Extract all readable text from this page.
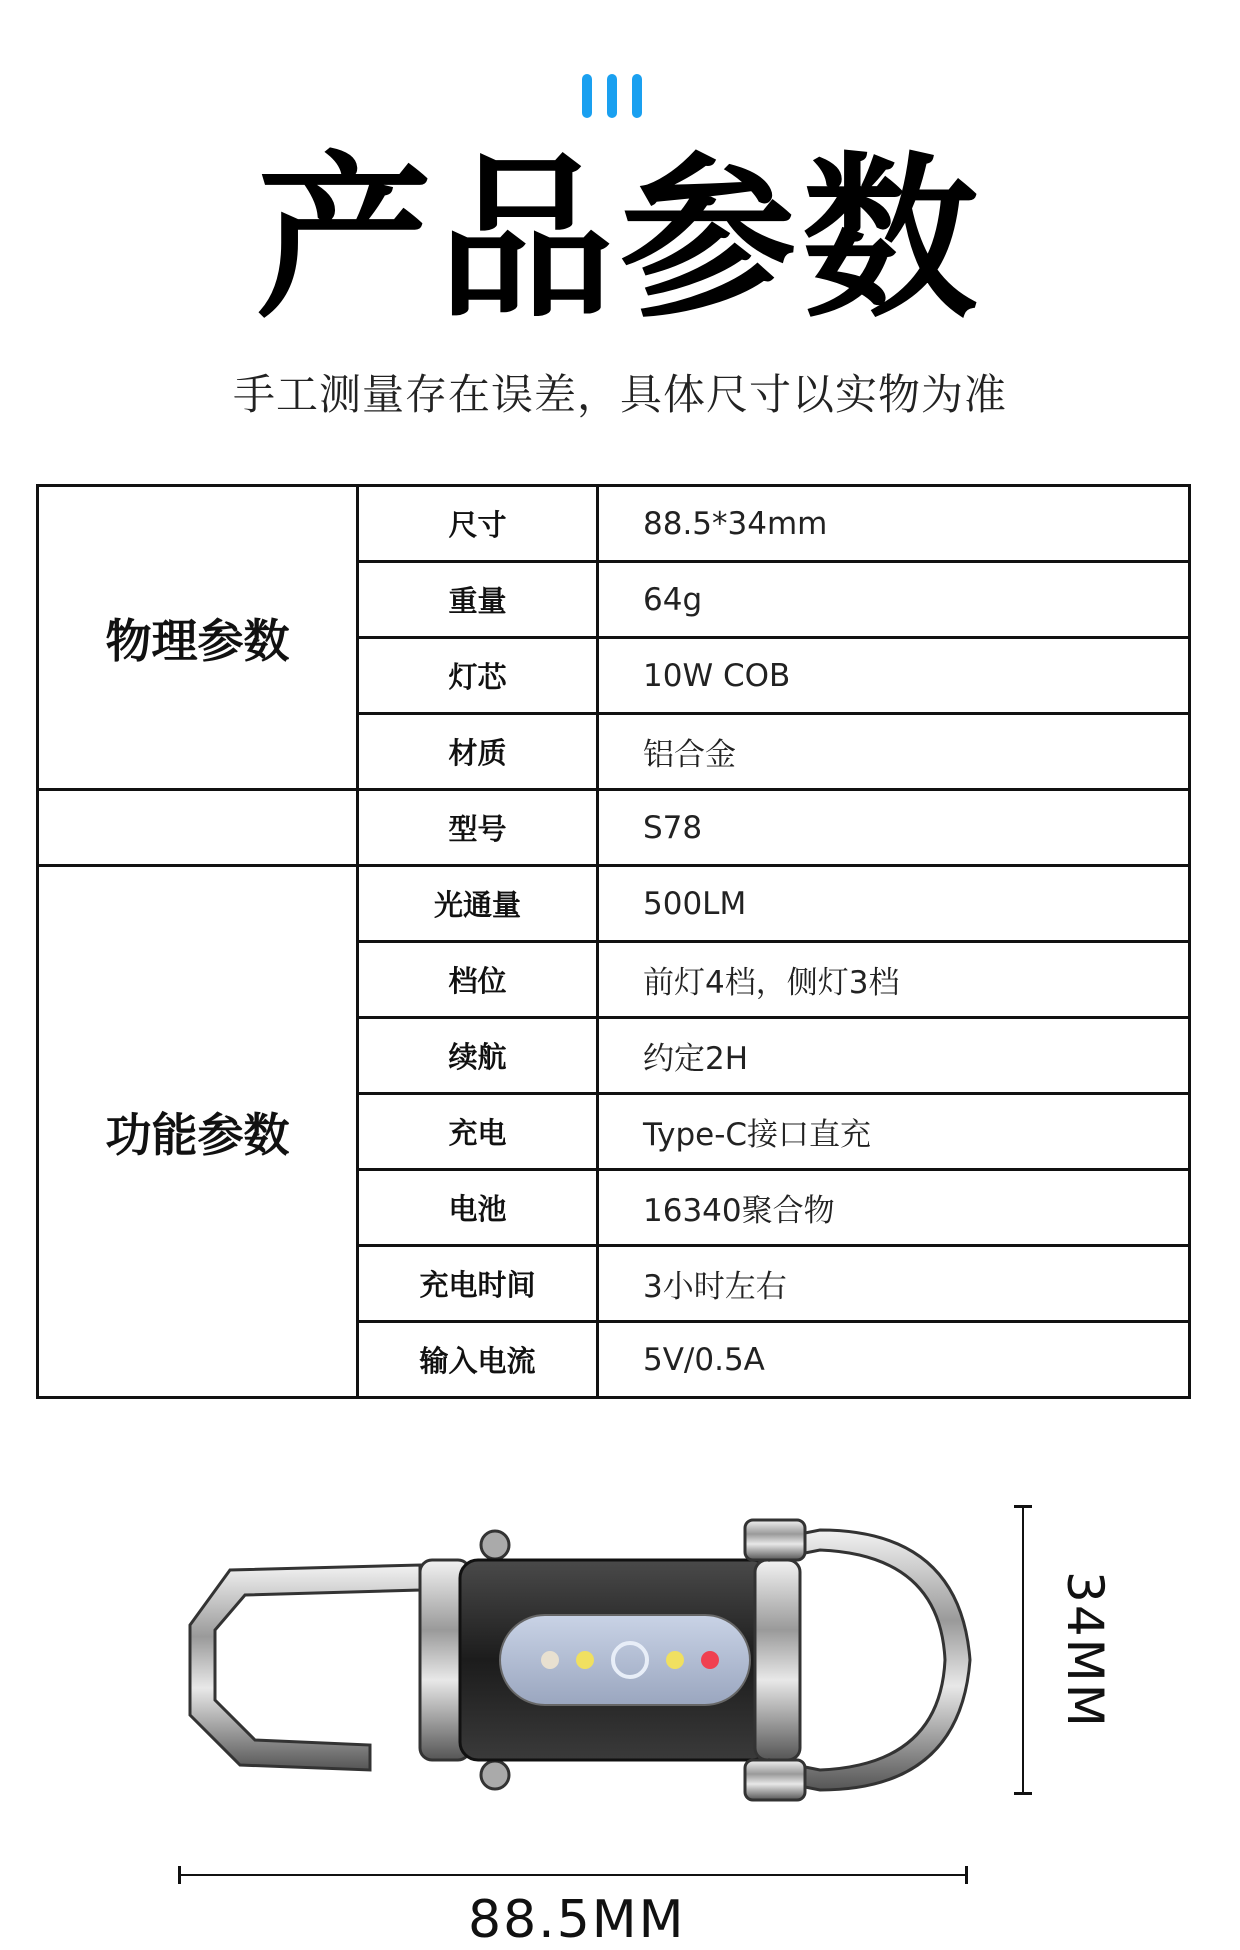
产品参数
手工测量存在误差，具体尺寸以实物为准
物理参数	尺寸	88.5*34mm
	重量	64g
	灯芯	10W COB
	材质	铝合金
	型号	S78
功能参数	光通量	500LM
	档位	前灯4档，侧灯3档
	续航	约定2H
	充电	Type-C接口直充
	电池	16340聚合物
	充电时间	3小时左右
	输入电流	5V/0.5A
34MM
88.5MM
